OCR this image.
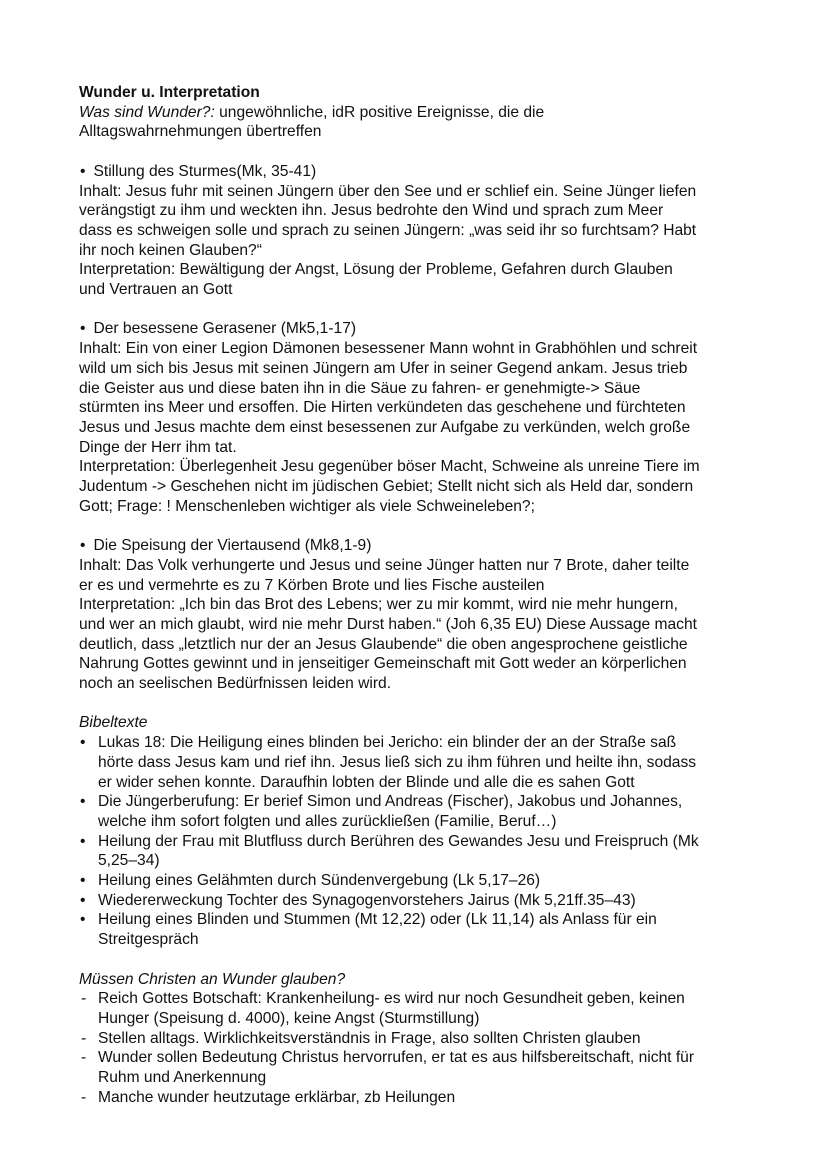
Wunder u. Interpretation

Was sind Wunder?: ungewöhnliche, idR positive Ereignisse, die die

Alltagswahrnehmungen übertreffen

• Stillung des Sturmes(Mk, 35-41)

Inhalt: Jesus fuhr mit seinen Jüngern über den See und er schlief ein. Seine Jünger liefen

verängstigt zu ihm und weckten ihn. Jesus bedrohte den Wind und sprach zum Meer

dass es schweigen solle und sprach zu seinen Jüngern: „was seid ihr so furchtsam? Habt

ihr noch keinen Glauben?“

Interpretation: Bewältigung der Angst, Lösung der Probleme, Gefahren durch Glauben

und Vertrauen an Gott

• Der besessene Gerasener (Mk5,1-17)

Inhalt: Ein von einer Legion Dämonen besessener Mann wohnt in Grabhöhlen und schreit

wild um sich bis Jesus mit seinen Jüngern am Ufer in seiner Gegend ankam. Jesus trieb

die Geister aus und diese baten ihn in die Säue zu fahren- er genehmigte-> Säue

stürmten ins Meer und ersoffen. Die Hirten verkündeten das geschehene und fürchteten

Jesus und Jesus machte dem einst besessenen zur Aufgabe zu verkünden, welch große

Dinge der Herr ihm tat.

Interpretation: Überlegenheit Jesu gegenüber böser Macht, Schweine als unreine Tiere im

Judentum -> Geschehen nicht im jüdischen Gebiet; Stellt nicht sich als Held dar, sondern

Gott; Frage: ! Menschenleben wichtiger als viele Schweineleben?;

• Die Speisung der Viertausend (Mk8,1-9)

Inhalt: Das Volk verhungerte und Jesus und seine Jünger hatten nur 7 Brote, daher teilte

er es und vermehrte es zu 7 Körben Brote und lies Fische austeilen

Interpretation: „Ich bin das Brot des Lebens; wer zu mir kommt, wird nie mehr hungern,

und wer an mich glaubt, wird nie mehr Durst haben.“ (Joh 6,35 EU) Diese Aussage macht

deutlich, dass „letztlich nur der an Jesus Glaubende“ die oben angesprochene geistliche

Nahrung Gottes gewinnt und in jenseitiger Gemeinschaft mit Gott weder an körperlichen

noch an seelischen Bedürfnissen leiden wird.

Bibeltexte

• Lukas 18: Die Heiligung eines blinden bei Jericho: ein blinder der an der Straße saß
hörte dass Jesus kam und rief ihn. Jesus ließ sich zu ihm führen und heilte ihn, sodass
er wider sehen konnte. Daraufhin lobten der Blinde und alle die es sahen Gott
• Die Jüngerberufung: Er berief Simon und Andreas (Fischer), Jakobus und Johannes,
welche ihm sofort folgten und alles zurückließen (Familie, Beruf…)
• Heilung der Frau mit Blutfluss durch Berühren des Gewandes Jesu und Freispruch (Mk
5,25–34)
• Heilung eines Gelähmten durch Sündenvergebung (Lk 5,17–26)
• Wiedererweckung Tochter des Synagogenvorstehers Jairus (Mk 5,21ff.35–43)
• Heilung eines Blinden und Stummen (Mt 12,22) oder (Lk 11,14) als Anlass für ein
Streitgespräch

Müssen Christen an Wunder glauben?

- Reich Gottes Botschaft: Krankenheilung- es wird nur noch Gesundheit geben, keinen
Hunger (Speisung d. 4000), keine Angst (Sturmstillung)
- Stellen alltags. Wirklichkeitsverständnis in Frage, also sollten Christen glauben
- Wunder sollen Bedeutung Christus hervorrufen, er tat es aus hilfsbereitschaft, nicht für
Ruhm und Anerkennung
- Manche wunder heutzutage erklärbar, zb Heilungen
